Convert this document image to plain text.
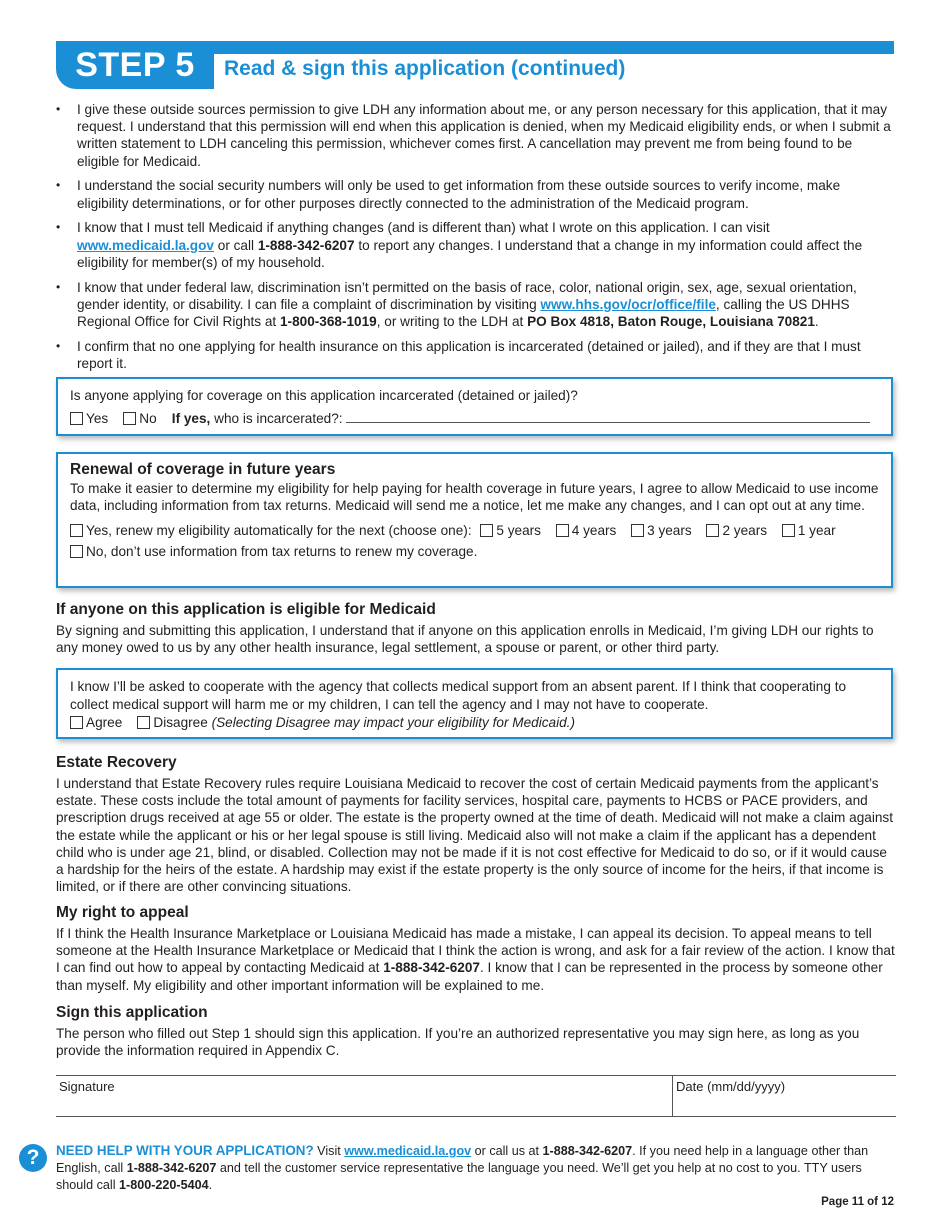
STEP 5	Read & sign this application (continued)
• I give these outside sources permission to give LDH any information about me, or any person necessary for this application, that it may request. I understand that this permission will end when this application is denied, when my Medicaid eligibility ends, or when I submit a written statement to LDH canceling this permission, whichever comes first. A cancellation may prevent me from being found to be eligible for Medicaid.
• I understand the social security numbers will only be used to get information from these outside sources to verify income, make eligibility determinations, or for other purposes directly connected to the administration of the Medicaid program.
• I know that I must tell Medicaid if anything changes (and is different than) what I wrote on this application. I can visit www.medicaid.la.gov or call 1-888-342-6207 to report any changes. I understand that a change in my information could affect the eligibility for member(s) of my household.
• I know that under federal law, discrimination isn’t permitted on the basis of race, color, national origin, sex, age, sexual orientation, gender identity, or disability. I can file a complaint of discrimination by visiting www.hhs.gov/ocr/office/file, calling the US DHHS Regional Office for Civil Rights at 1-800-368-1019, or writing to the LDH at PO Box 4818, Baton Rouge, Louisiana 70821.
• I confirm that no one applying for health insurance on this application is incarcerated (detained or jailed), and if they are that I must report it.
Is anyone applying for coverage on this application incarcerated (detained or jailed)?
Yes No If yes, who is incarcerated?:
Renewal of coverage in future years
To make it easier to determine my eligibility for help paying for health coverage in future years, I agree to allow Medicaid to use income data, including information from tax returns. Medicaid will send me a notice, let me make any changes, and I can opt out at any time.
Yes, renew my eligibility automatically for the next (choose one): 5 years 4 years 3 years 2 years 1 year
No, don’t use information from tax returns to renew my coverage.
If anyone on this application is eligible for Medicaid
By signing and submitting this application, I understand that if anyone on this application enrolls in Medicaid, I’m giving LDH our rights to any money owed to us by any other health insurance, legal settlement, a spouse or parent, or other third party.
I know I’ll be asked to cooperate with the agency that collects medical support from an absent parent. If I think that cooperating to collect medical support will harm me or my children, I can tell the agency and I may not have to cooperate.
Agree Disagree (Selecting Disagree may impact your eligibility for Medicaid.)
Estate Recovery
I understand that Estate Recovery rules require Louisiana Medicaid to recover the cost of certain Medicaid payments from the applicant’s estate. These costs include the total amount of payments for facility services, hospital care, payments to HCBS or PACE providers, and prescription drugs received at age 55 or older. The estate is the property owned at the time of death. Medicaid will not make a claim against the estate while the applicant or his or her legal spouse is still living. Medicaid also will not make a claim if the applicant has a dependent child who is under age 21, blind, or disabled. Collection may not be made if it is not cost effective for Medicaid to do so, or if it would cause a hardship for the heirs of the estate. A hardship may exist if the estate property is the only source of income for the heirs, if that income is limited, or if there are other convincing situations.
My right to appeal
If I think the Health Insurance Marketplace or Louisiana Medicaid has made a mistake, I can appeal its decision. To appeal means to tell someone at the Health Insurance Marketplace or Medicaid that I think the action is wrong, and ask for a fair review of the action. I know that I can find out how to appeal by contacting Medicaid at 1-888-342-6207. I know that I can be represented in the process by someone other than myself. My eligibility and other important information will be explained to me.
Sign this application
The person who filled out Step 1 should sign this application. If you’re an authorized representative you may sign here, as long as you provide the information required in Appendix C.
Signature	Date (mm/dd/yyyy)
?	NEED HELP WITH YOUR APPLICATION? Visit www.medicaid.la.gov or call us at 1-888-342-6207. If you need help in a language other than English, call 1-888-342-6207 and tell the customer service representative the language you need. We’ll get you help at no cost to you. TTY users should call 1-800-220-5404.
Page 11 of 12
